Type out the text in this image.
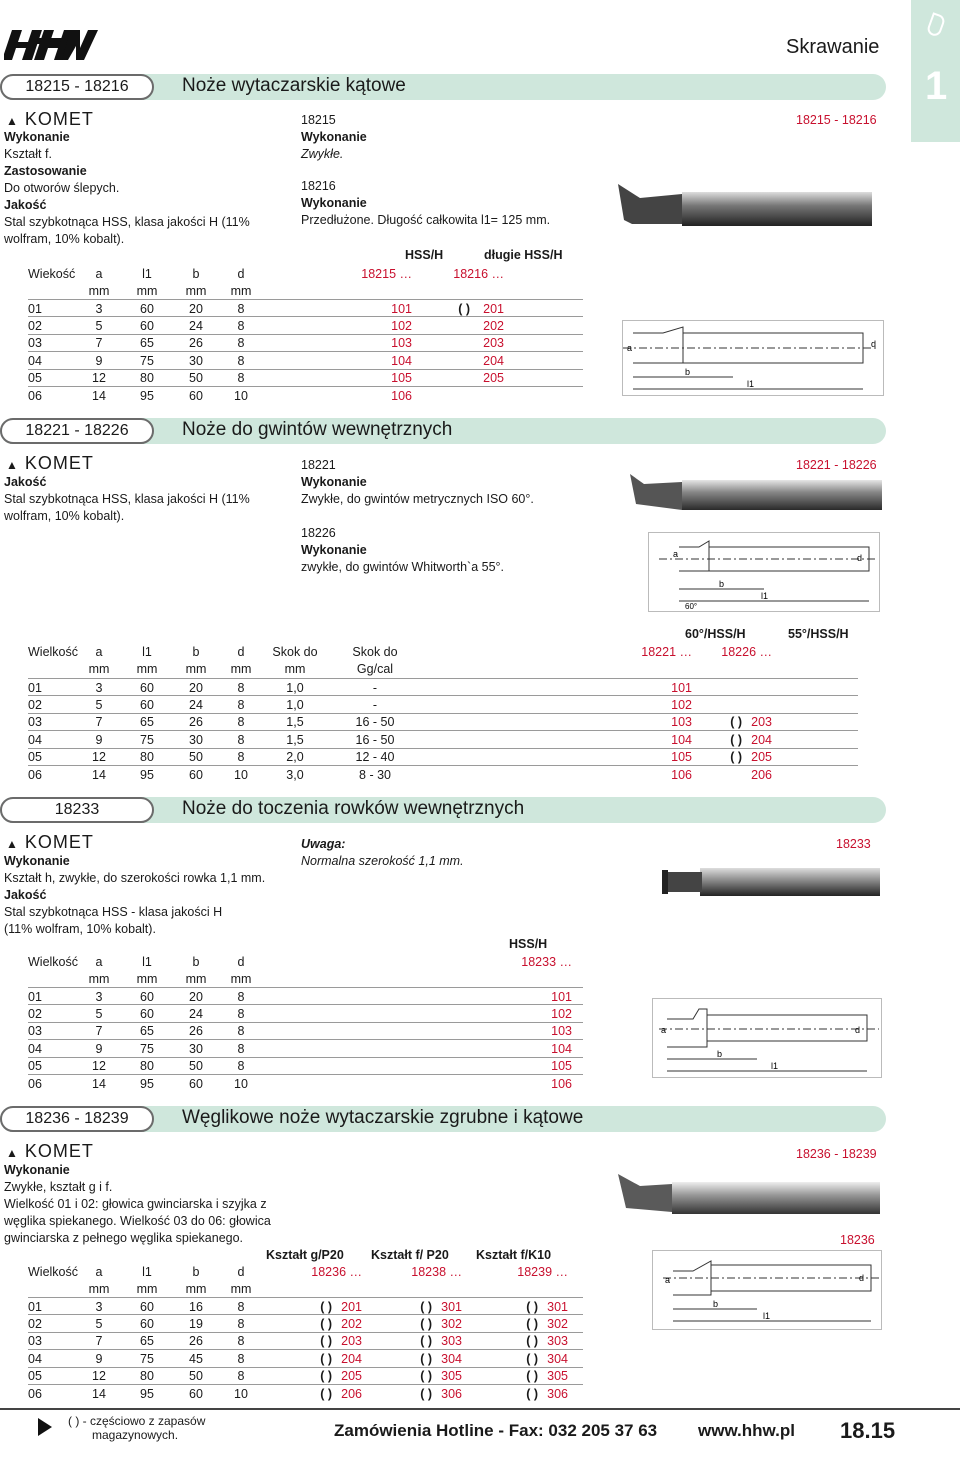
Skrawanie
1
18215 - 18216	Noże wytaczarskie kątowe
▲ KOMET
Wykonanie
Kształt f.
Zastosowanie
Do otworów ślepych.
Jakość
Stal szybkotnąca HSS, klasa jakości H (11%
wolfram, 10% kobalt).
18215
Wykonanie
Zwykłe.
18216
Wykonanie
Przedłużone. Długość całkowita l1= 125 mm.
18215 - 18216
HSS/H	długie HSS/H
Wiekość	a	l1	b	d	18215 …	18216 …
mm	mm	mm	mm
01	3	60	20	8	101	( )	201
02	5	60	24	8	102	202
03	7	65	26	8	103	203
04	9	75	30	8	104	204
05	12	80	50	8	105	205
06	14	95	60	10	106
a	d
b
l1
18221 - 18226	Noże do gwintów wewnętrznych
▲ KOMET
Jakość
Stal szybkotnąca HSS, klasa jakości H (11%
wolfram, 10% kobalt).
18221
Wykonanie
Zwykłe, do gwintów metrycznych ISO 60°.
18226
Wykonanie
zwykłe, do gwintów Whitworth`a 55°.
18221 - 18226
a	d
b
l1
60°
60°/HSS/H	55°/HSS/H
Wielkość	a	l1	b	d	Skok do	Skok do	18221 …	18226 …
mm	mm	mm	mm	mm	Gg/cal
01	3	60	20	8	1,0	-	101
02	5	60	24	8	1,0	-	102
03	7	65	26	8	1,5	16 - 50	103	( ) 203
04	9	75	30	8	1,5	16 - 50	104	( ) 204
05	12	80	50	8	2,0	12 - 40	105	( ) 205
06	14	95	60	10	3,0	8 - 30	106	206
18233	Noże do toczenia rowków wewnętrznych
▲ KOMET
Wykonanie
Kształt h, zwykłe, do szerokości rowka 1,1 mm.
Jakość
Stal szybkotnąca HSS - klasa jakości H
(11% wolfram, 10% kobalt).
Uwaga:
Normalna szerokość 1,1 mm.
18233
HSS/H
Wielkość	a	l1	b	d	18233 …
mm	mm	mm	mm
01	3	60	20	8	101
02	5	60	24	8	102
03	7	65	26	8	103
04	9	75	30	8	104
05	12	80	50	8	105
06	14	95	60	10	106
a	d
b
l1
18236 - 18239	Węglikowe noże wytaczarskie zgrubne i kątowe
▲ KOMET
Wykonanie
Zwykłe, kształt g i f.
Wielkość 01 i 02: głowica gwinciarska i szyjka z
węglika spiekanego. Wielkość 03 do 06: głowica
gwinciarska z pełnego węglika spiekanego.
18236 - 18239
18236
Kształt g/P20	Kształt f/ P20	Kształt f/K10
Wielkość	a	l1	b	d	18236 …	18238 …	18239 …
mm	mm	mm	mm
01	3	60	16	8	( ) 201	( ) 301	( ) 301
02	5	60	19	8	( ) 202	( ) 302	( ) 302
03	7	65	26	8	( ) 203	( ) 303	( ) 303
04	9	75	45	8	( ) 204	( ) 304	( ) 304
05	12	80	50	8	( ) 205	( ) 305	( ) 305
06	14	95	60	10	( ) 206	( ) 306	( ) 306
a	d
b
l1
( ) - częściowo z zapasów
magazynowych.	Zamówienia Hotline - Fax: 032 205 37 63 www.hhw.pl 18.15
